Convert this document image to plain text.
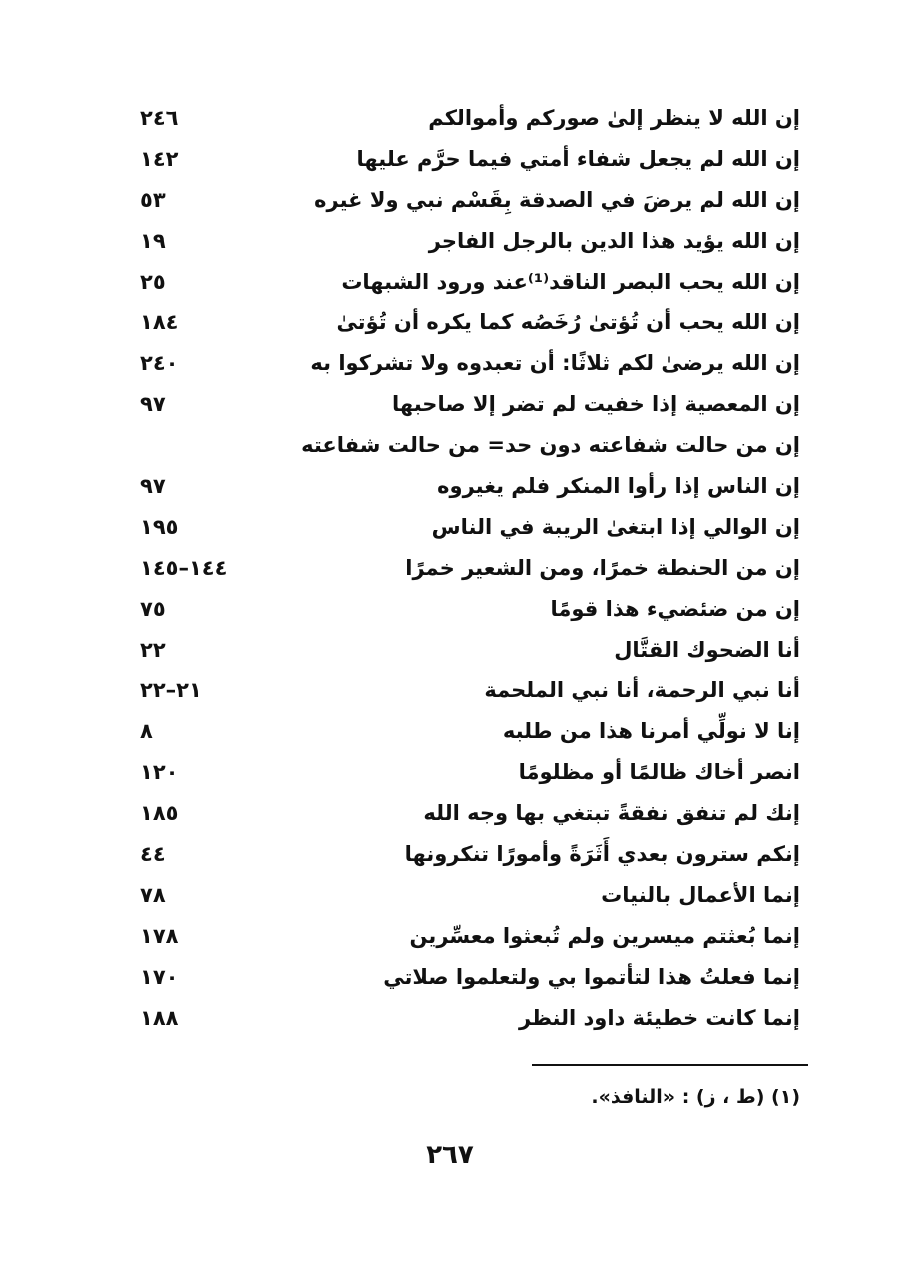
إن الله لا ينظر إلىٰ صوركم وأموالكم
٢٤٦
إن الله لم يجعل شفاء أمتي فيما حرَّم عليها
١٤٢
إن الله لم يرضَ في الصدقة بِقَسْم نبي ولا غيره
٥٣
إن الله يؤيد هذا الدين بالرجل الفاجر
١٩
إن الله يحب البصر الناقد⁽¹⁾عند ورود الشبهات
٢٥
إن الله يحب أن تُؤتىٰ رُخَصُه كما يكره أن تُؤتىٰ
١٨٤
إن الله يرضىٰ لكم ثلاثًا: أن تعبدوه ولا تشركوا به
٢٤٠
إن المعصية إذا خفيت لم تضر إلا صاحبها
٩٧
إن من حالت شفاعته دون حد= من حالت شفاعته
إن الناس إذا رأوا المنكر فلم يغيروه
٩٧
إن الوالي إذا ابتغىٰ الريبة في الناس
١٩٥
إن من الحنطة خمرًا، ومن الشعير خمرًا
١٤٤–١٤٥
إن من ضئضيء هذا قومًا
٧٥
أنا الضحوك القتَّال
٢٢
أنا نبي الرحمة، أنا نبي الملحمة
٢١–٢٢
إنا لا نولِّي أمرنا هذا من طلبه
٨
انصر أخاك ظالمًا أو مظلومًا
١٢٠
إنك لم تنفق نفقةً تبتغي بها وجه الله
١٨٥
إنكم سترون بعدي أَثَرَةً وأمورًا تنكرونها
٤٤
إنما الأعمال بالنيات
٧٨
إنما بُعثتم ميسرين ولم تُبعثوا معسِّرين
١٧٨
إنما فعلتُ هذا لتأتموا بي ولتعلموا صلاتي
١٧٠
إنما كانت خطيئة داود النظر
١٨٨
(١) (ط ، ز) : «النافذ».
٢٦٧
